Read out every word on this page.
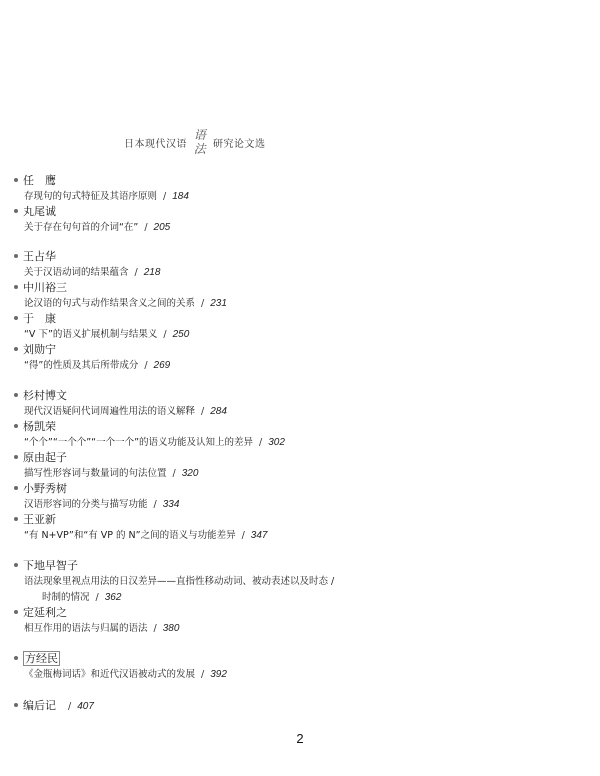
日本现代汉语
语
法 研究论文选
任　鹰
存现句的句式特征及其语序原则 / 184
丸尾诚
关于存在句句首的介词“在” / 205
王占华
关于汉语动词的结果蕴含 / 218
中川裕三
论汉语的句式与动作结果含义之间的关系 / 231
于　康
“V 下”的语义扩展机制与结果义 / 250
刘勋宁
“得”的性质及其后所带成分 / 269
杉村博文
现代汉语疑问代词周遍性用法的语义解释 / 284
杨凯荣
“个个”“一个个”“一个一个”的语义功能及认知上的差异 / 302
原由起子
描写性形容词与数量词的句法位置 / 320
小野秀树
汉语形容词的分类与描写功能 / 334
王亚新
“有 N+VP”和“有 VP 的 N”之间的语义与功能差异 / 347
下地早智子
语法现象里视点用法的日汉差异——直指性移动动词、被动表述以及时态 /
时制的情况 / 362
定延利之
相互作用的语法与归属的语法 / 380
方经民
《金瓶梅词话》和近代汉语被动式的发展 / 392
编后记 / 407
2
